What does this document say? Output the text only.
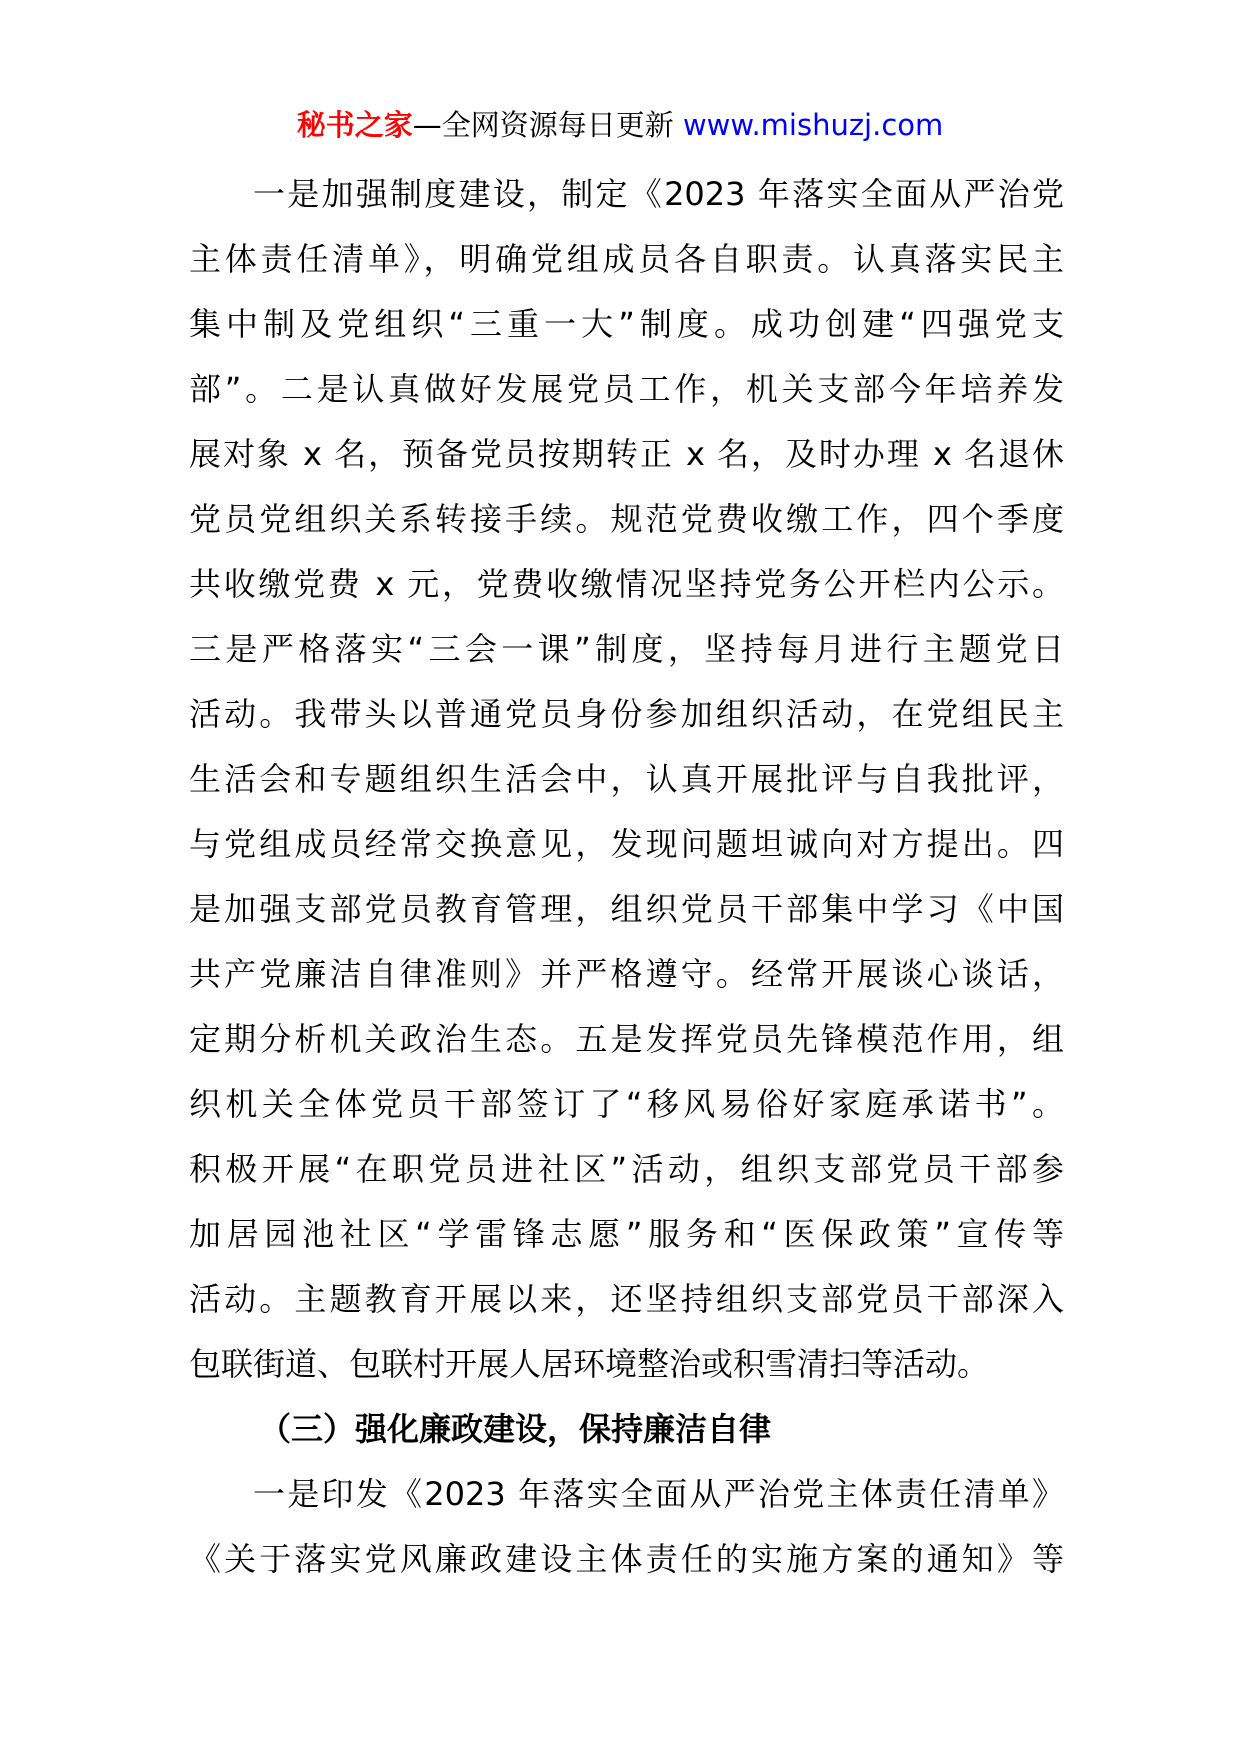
秘书之家—全网资源每日更新 www.mishuzj.com
一是加强制度建设，制定《2023 年落实全面从严治党
主体责任清单》，明确党组成员各自职责。认真落实民主
集中制及党组织“三重一大”制度。成功创建“四强党支
部”。二是认真做好发展党员工作，机关支部今年培养发
展对象 x 名，预备党员按期转正 x 名，及时办理 x 名退休
党员党组织关系转接手续。规范党费收缴工作，四个季度
共收缴党费 x 元，党费收缴情况坚持党务公开栏内公示。
三是严格落实“三会一课”制度，坚持每月进行主题党日
活动。我带头以普通党员身份参加组织活动，在党组民主
生活会和专题组织生活会中，认真开展批评与自我批评，
与党组成员经常交换意见，发现问题坦诚向对方提出。四
是加强支部党员教育管理，组织党员干部集中学习《中国
共产党廉洁自律准则》并严格遵守。经常开展谈心谈话，
定期分析机关政治生态。五是发挥党员先锋模范作用，组
织机关全体党员干部签订了“移风易俗好家庭承诺书”。
积极开展“在职党员进社区”活动，组织支部党员干部参
加居园池社区“学雷锋志愿”服务和“医保政策”宣传等
活动。主题教育开展以来，还坚持组织支部党员干部深入
包联街道、包联村开展人居环境整治或积雪清扫等活动。
（三）强化廉政建设，保持廉洁自律
一是印发《2023 年落实全面从严治党主体责任清单》
《关于落实党风廉政建设主体责任的实施方案的通知》等
